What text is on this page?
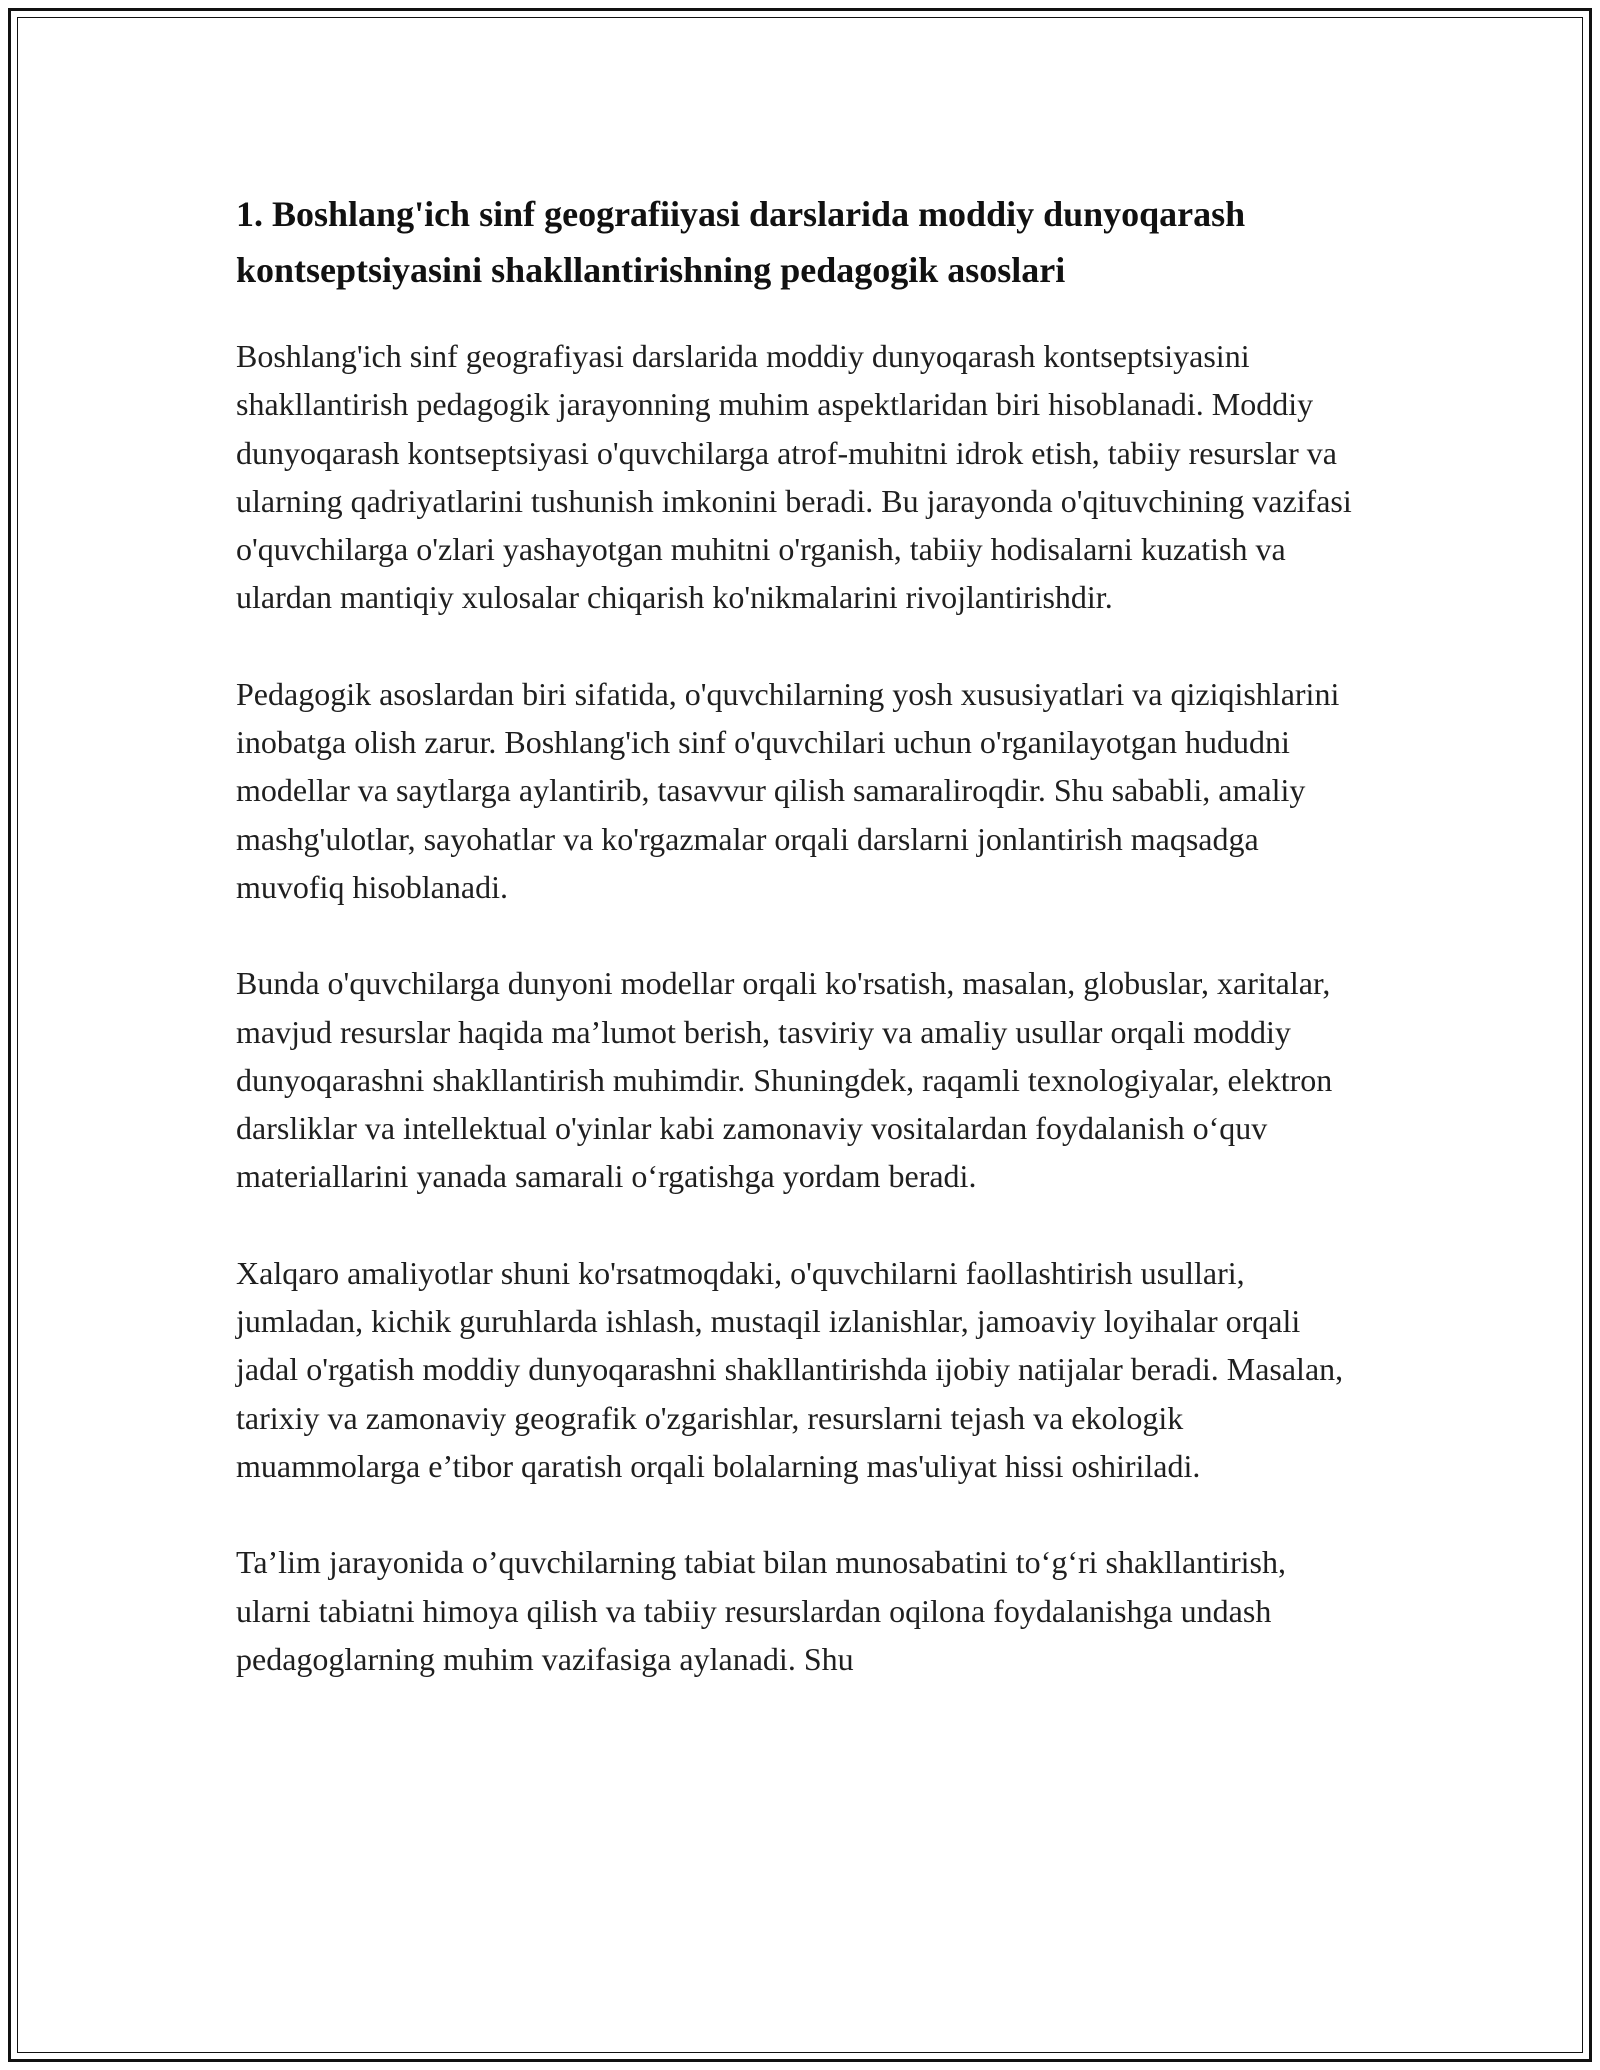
1. Boshlang'ich sinf geografiiyasi darslarida moddiy dunyoqarash kontseptsiyasini shakllantirishning pedagogik asoslari

Boshlang'ich sinf geografiyasi darslarida moddiy dunyoqarash kontseptsiyasini shakllantirish pedagogik jarayonning muhim aspektlaridan biri hisoblanadi. Moddiy dunyoqarash kontseptsiyasi o'quvchilarga atrof-muhitni idrok etish, tabiiy resurslar va ularning qadriyatlarini tushunish imkonini beradi. Bu jarayonda o'qituvchining vazifasi o'quvchilarga o'zlari yashayotgan muhitni o'rganish, tabiiy hodisalarni kuzatish va ulardan mantiqiy xulosalar chiqarish ko'nikmalarini rivojlantirishdir.

Pedagogik asoslardan biri sifatida, o'quvchilarning yosh xususiyatlari va qiziqishlarini inobatga olish zarur. Boshlang'ich sinf o'quvchilari uchun o'rganilayotgan hududni modellar va saytlarga aylantirib, tasavvur qilish samaraliroqdir. Shu sababli, amaliy mashg'ulotlar, sayohatlar va ko'rgazmalar orqali darslarni jonlantirish maqsadga muvofiq hisoblanadi.

Bunda o'quvchilarga dunyoni modellar orqali ko'rsatish, masalan, globuslar, xaritalar, mavjud resurslar haqida ma’lumot berish, tasviriy va amaliy usullar orqali moddiy dunyoqarashni shakllantirish muhimdir. Shuningdek, raqamli texnologiyalar, elektron darsliklar va intellektual o'yinlar kabi zamonaviy vositalardan foydalanish o‘quv materiallarini yanada samarali o‘rgatishga yordam beradi.

Xalqaro amaliyotlar shuni ko'rsatmoqdaki, o'quvchilarni faollashtirish usullari, jumladan, kichik guruhlarda ishlash, mustaqil izlanishlar, jamoaviy loyihalar orqali jadal o'rgatish moddiy dunyoqarashni shakllantirishda ijobiy natijalar beradi. Masalan, tarixiy va zamonaviy geografik o'zgarishlar, resurslarni tejash va ekologik muammolarga e’tibor qaratish orqali bolalarning mas'uliyat hissi oshiriladi.

Ta’lim jarayonida o’quvchilarning tabiat bilan munosabatini to‘g‘ri shakllantirish, ularni tabiatni himoya qilish va tabiiy resurslardan oqilona foydalanishga undash pedagoglarning muhim vazifasiga aylanadi. Shu
